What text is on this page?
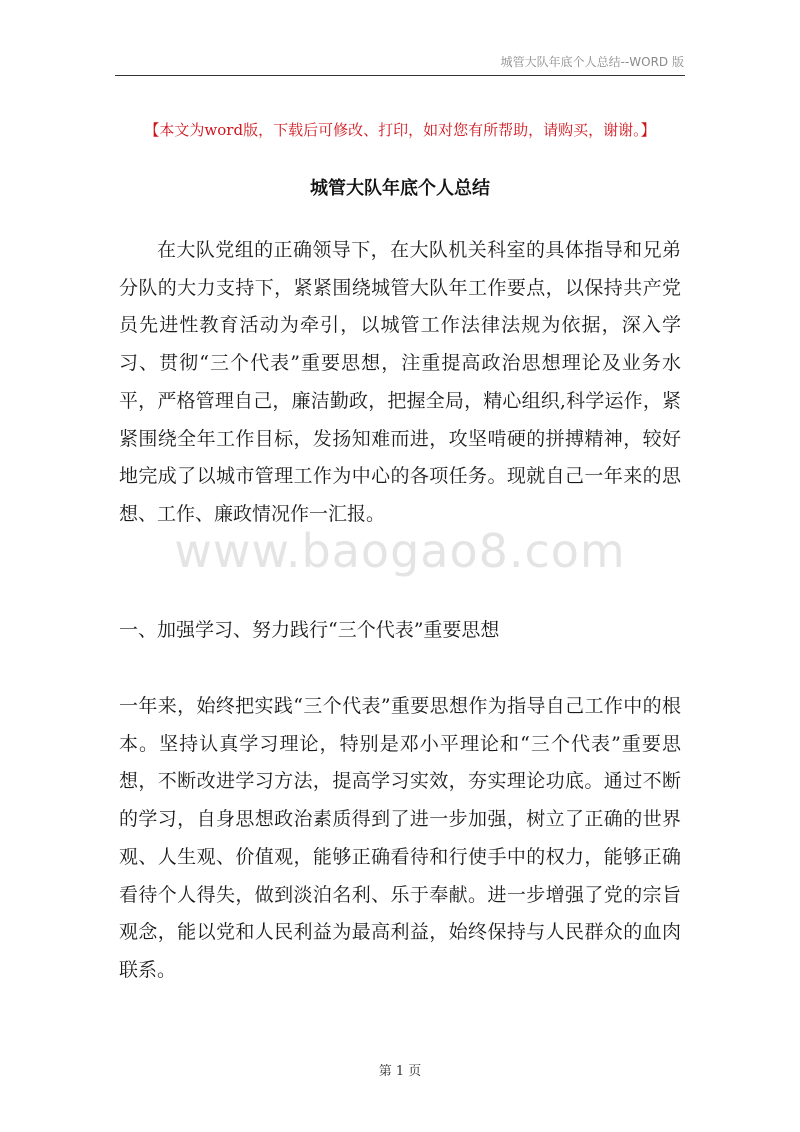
城管大队年底个人总结--WORD 版
【本文为word版，下载后可修改、打印，如对您有所帮助，请购买，谢谢。】
城管大队年底个人总结

在大队党组的正确领导下，在大队机关科室的具体指导和兄弟分队的大力支持下，紧紧围绕城管大队年工作要点，以保持共产党员先进性教育活动为牵引，以城管工作法律法规为依据，深入学习、贯彻“三个代表”重要思想，注重提高政治思想理论及业务水平，严格管理自己，廉洁勤政，把握全局，精心组织,科学运作，紧紧围绕全年工作目标，发扬知难而进，攻坚啃硬的拼搏精神，较好地完成了以城市管理工作为中心的各项任务。现就自己一年来的思想、工作、廉政情况作一汇报。

www.baogao8.com

一、加强学习、努力践行“三个代表”重要思想

一年来，始终把实践“三个代表”重要思想作为指导自己工作中的根本。坚持认真学习理论，特别是邓小平理论和“三个代表”重要思想，不断改进学习方法，提高学习实效，夯实理论功底。通过不断的学习，自身思想政治素质得到了进一步加强，树立了正确的世界观、人生观、价值观，能够正确看待和行使手中的权力，能够正确看待个人得失，做到淡泊名利、乐于奉献。进一步增强了党的宗旨观念，能以党和人民利益为最高利益，始终保持与人民群众的血肉联系。

第 1 页
